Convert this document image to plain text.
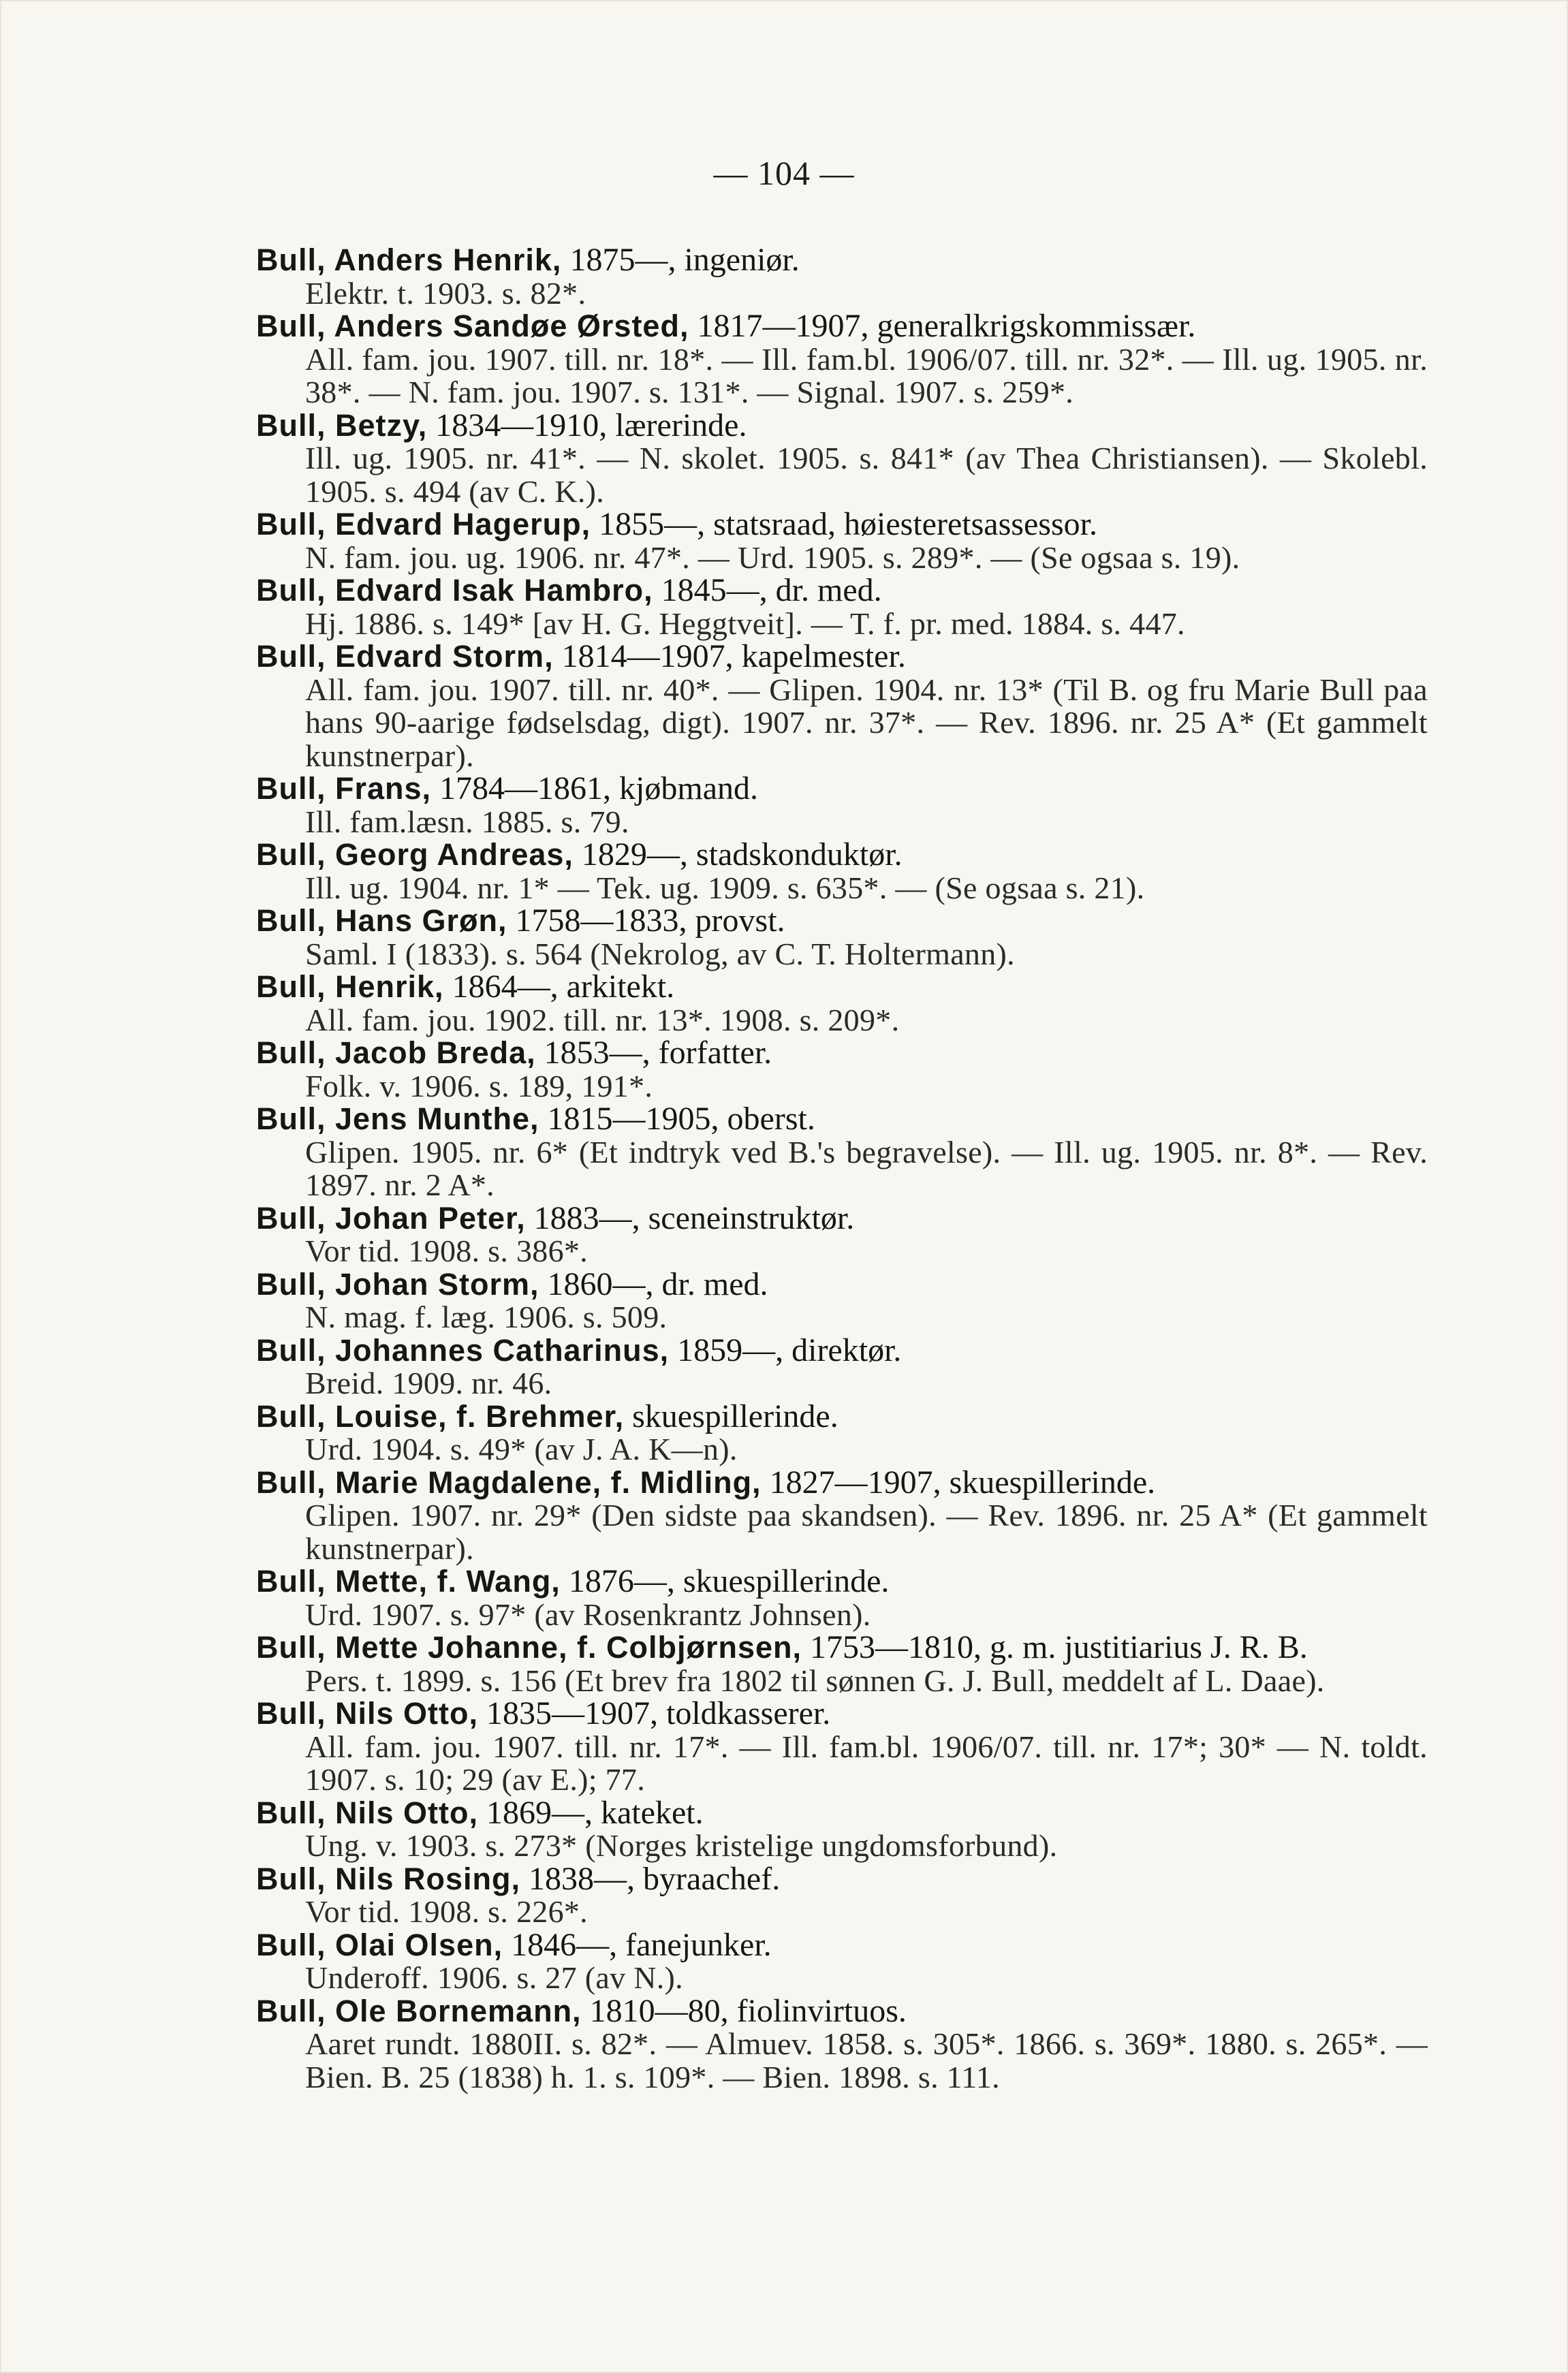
— 104 —
Bull, Anders Henrik, 1875—, ingeniør.
Elektr. t. 1903. s. 82*.
Bull, Anders Sandøe Ørsted, 1817—1907, generalkrigskommissær.
All. fam. jou. 1907. till. nr. 18*. — Ill. fam.bl. 1906/07. till. nr. 32*. — Ill. ug. 1905. nr. 38*. — N. fam. jou. 1907. s. 131*. — Signal. 1907. s. 259*.
Bull, Betzy, 1834—1910, lærerinde.
Ill. ug. 1905. nr. 41*. — N. skolet. 1905. s. 841* (av Thea Christiansen). — Skolebl. 1905. s. 494 (av C. K.).
Bull, Edvard Hagerup, 1855—, statsraad, høiesteretsassessor.
N. fam. jou. ug. 1906. nr. 47*. — Urd. 1905. s. 289*. — (Se ogsaa s. 19).
Bull, Edvard Isak Hambro, 1845—, dr. med.
Hj. 1886. s. 149* [av H. G. Heggtveit]. — T. f. pr. med. 1884. s. 447.
Bull, Edvard Storm, 1814—1907, kapelmester.
All. fam. jou. 1907. till. nr. 40*. — Glipen. 1904. nr. 13* (Til B. og fru Marie Bull paa hans 90-aarige fødselsdag, digt). 1907. nr. 37*. — Rev. 1896. nr. 25 A* (Et gammelt kunstnerpar).
Bull, Frans, 1784—1861, kjøbmand.
Ill. fam.læsn. 1885. s. 79.
Bull, Georg Andreas, 1829—, stadskonduktør.
Ill. ug. 1904. nr. 1* — Tek. ug. 1909. s. 635*. — (Se ogsaa s. 21).
Bull, Hans Grøn, 1758—1833, provst.
Saml. I (1833). s. 564 (Nekrolog, av C. T. Holtermann).
Bull, Henrik, 1864—, arkitekt.
All. fam. jou. 1902. till. nr. 13*. 1908. s. 209*.
Bull, Jacob Breda, 1853—, forfatter.
Folk. v. 1906. s. 189, 191*.
Bull, Jens Munthe, 1815—1905, oberst.
Glipen. 1905. nr. 6* (Et indtryk ved B.'s begravelse). — Ill. ug. 1905. nr. 8*. — Rev. 1897. nr. 2 A*.
Bull, Johan Peter, 1883—, sceneinstruktør.
Vor tid. 1908. s. 386*.
Bull, Johan Storm, 1860—, dr. med.
N. mag. f. læg. 1906. s. 509.
Bull, Johannes Catharinus, 1859—, direktør.
Breid. 1909. nr. 46.
Bull, Louise, f. Brehmer, skuespillerinde.
Urd. 1904. s. 49* (av J. A. K—n).
Bull, Marie Magdalene, f. Midling, 1827—1907, skuespillerinde.
Glipen. 1907. nr. 29* (Den sidste paa skandsen). — Rev. 1896. nr. 25 A* (Et gammelt kunstnerpar).
Bull, Mette, f. Wang, 1876—, skuespillerinde.
Urd. 1907. s. 97* (av Rosenkrantz Johnsen).
Bull, Mette Johanne, f. Colbjørnsen, 1753—1810, g. m. justitiarius J. R. B.
Pers. t. 1899. s. 156 (Et brev fra 1802 til sønnen G. J. Bull, meddelt af L. Daae).
Bull, Nils Otto, 1835—1907, toldkasserer.
All. fam. jou. 1907. till. nr. 17*. — Ill. fam.bl. 1906/07. till. nr. 17*; 30* — N. toldt. 1907. s. 10; 29 (av E.); 77.
Bull, Nils Otto, 1869—, kateket.
Ung. v. 1903. s. 273* (Norges kristelige ungdomsforbund).
Bull, Nils Rosing, 1838—, byraachef.
Vor tid. 1908. s. 226*.
Bull, Olai Olsen, 1846—, fanejunker.
Underoff. 1906. s. 27 (av N.).
Bull, Ole Bornemann, 1810—80, fiolinvirtuos.
Aaret rundt. 1880II. s. 82*. — Almuev. 1858. s. 305*. 1866. s. 369*. 1880. s. 265*. — Bien. B. 25 (1838) h. 1. s. 109*. — Bien. 1898. s. 111.
